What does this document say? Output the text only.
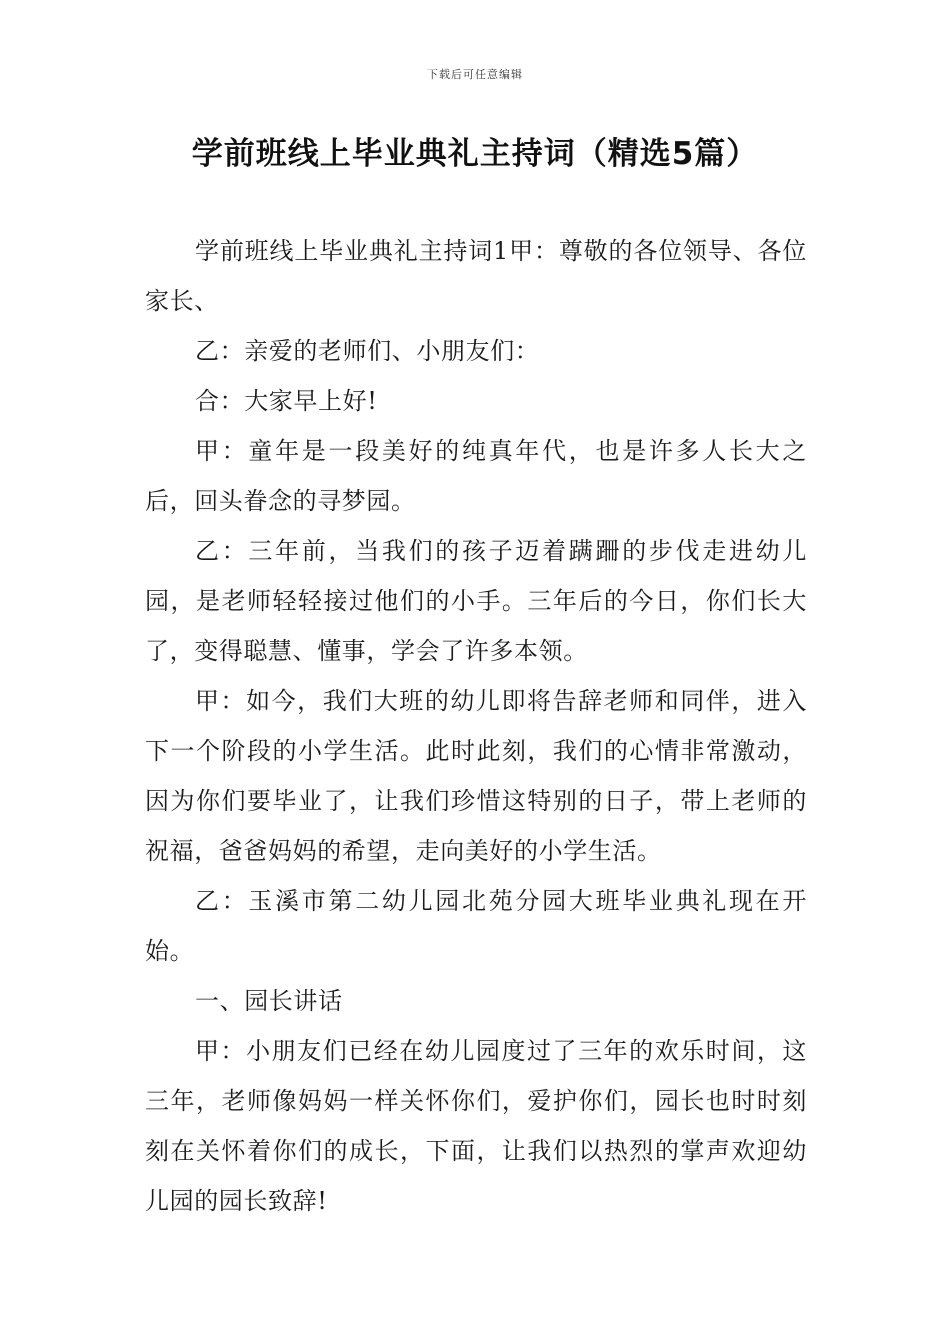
下载后可任意编辑
学前班线上毕业典礼主持词（精选5篇）

学前班线上毕业典礼主持词1甲：尊敬的各位领导、各位家长、

乙：亲爱的老师们、小朋友们：

合：大家早上好!

甲：童年是一段美好的纯真年代，也是许多人长大之后，回头眷念的寻梦园。

乙：三年前，当我们的孩子迈着蹒跚的步伐走进幼儿园，是老师轻轻接过他们的小手。三年后的今日，你们长大了，变得聪慧、懂事，学会了许多本领。

甲：如今，我们大班的幼儿即将告辞老师和同伴，进入下一个阶段的小学生活。此时此刻，我们的心情非常激动，因为你们要毕业了，让我们珍惜这特别的日子，带上老师的祝福，爸爸妈妈的希望，走向美好的小学生活。

乙：玉溪市第二幼儿园北苑分园大班毕业典礼现在开始。

一、园长讲话

甲：小朋友们已经在幼儿园度过了三年的欢乐时间，这三年，老师像妈妈一样关怀你们，爱护你们，园长也时时刻刻在关怀着你们的成长，下面，让我们以热烈的掌声欢迎幼儿园的园长致辞!
